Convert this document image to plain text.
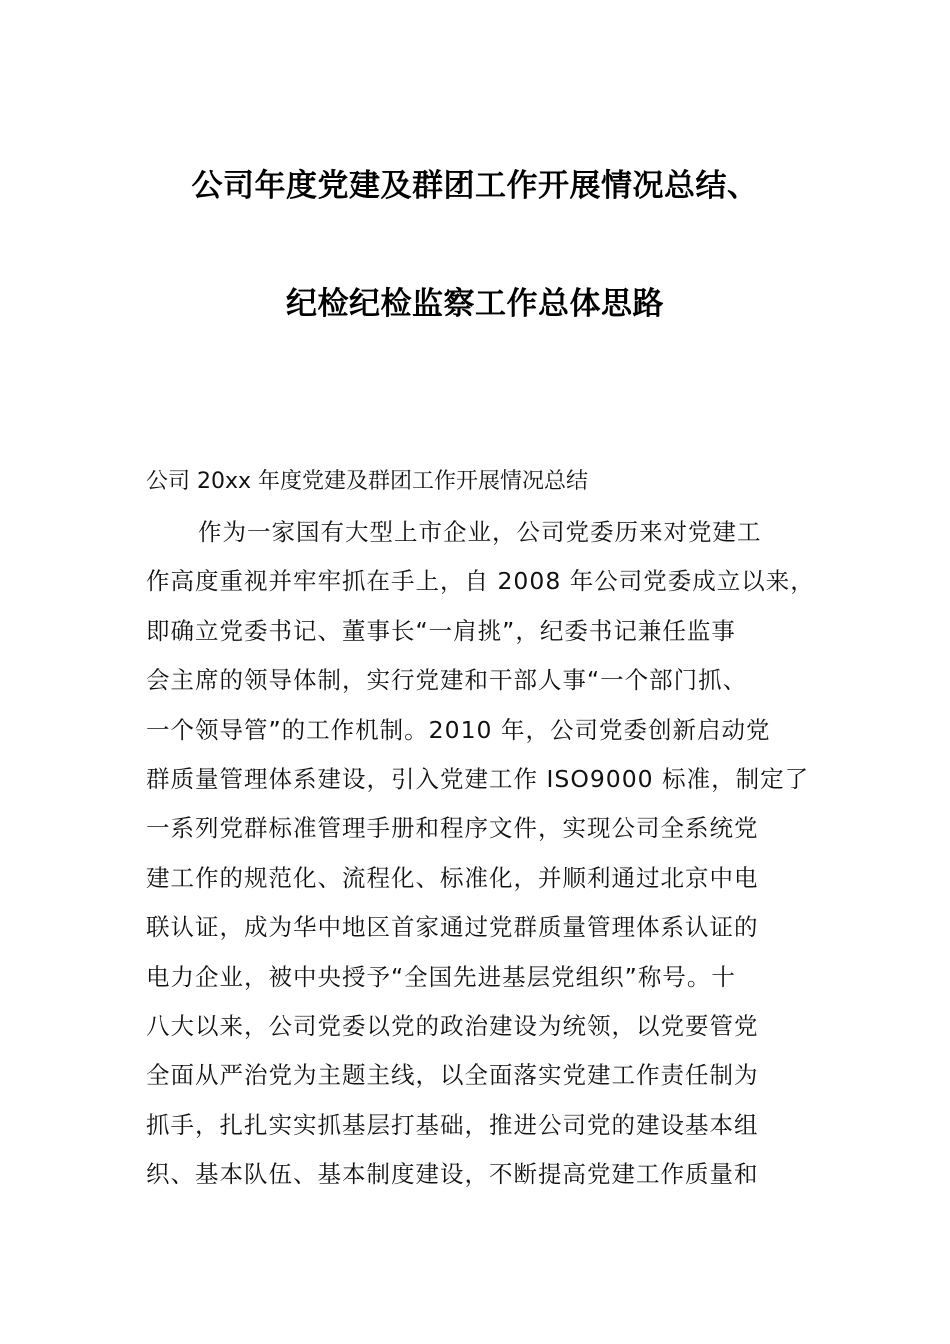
公司年度党建及群团工作开展情况总结、
纪检纪检监察工作总体思路
公司 20xx 年度党建及群团工作开展情况总结
作为一家国有大型上市企业，公司党委历来对党建工
作高度重视并牢牢抓在手上，自 2008 年公司党委成立以来，
即确立党委书记、董事长“一肩挑”，纪委书记兼任监事
会主席的领导体制，实行党建和干部人事“一个部门抓、
一个领导管”的工作机制。2010 年，公司党委创新启动党
群质量管理体系建设，引入党建工作 ISO9000 标准，制定了
一系列党群标准管理手册和程序文件，实现公司全系统党
建工作的规范化、流程化、标准化，并顺利通过北京中电
联认证，成为华中地区首家通过党群质量管理体系认证的
电力企业，被中央授予“全国先进基层党组织”称号。十
八大以来，公司党委以党的政治建设为统领，以党要管党
全面从严治党为主题主线，以全面落实党建工作责任制为
抓手，扎扎实实抓基层打基础，推进公司党的建设基本组
织、基本队伍、基本制度建设，不断提高党建工作质量和
